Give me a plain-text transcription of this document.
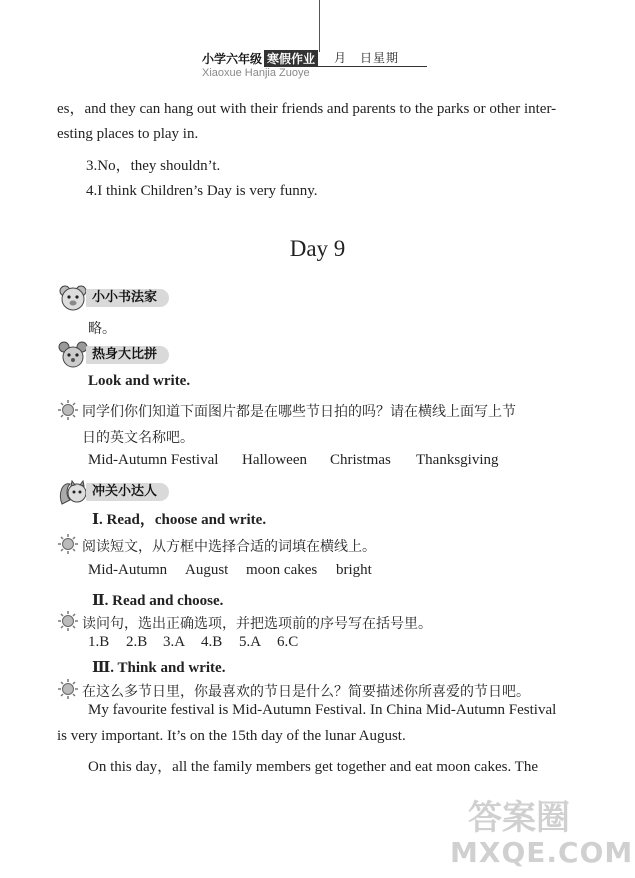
小学六年级 寒假作业	月　日星期
Xiaoxue Hanjia Zuoye
es，and they can hang out with their friends and parents to the parks or other inter-
esting places to play in.
3.No，they shouldn’t.
4.I think Children’s Day is very funny.
Day 9
小小书法家
略。
热身大比拼
Look and write.
同学们你们知道下面图片都是在哪些节日拍的吗？请在横线上面写上节
日的英文名称吧。
Mid-Autumn Festival Halloween Christmas Thanksgiving
冲关小达人
Ⅰ. Read，choose and write.
阅读短文，从方框中选择合适的词填在横线上。
Mid-Autumn August moon cakes bright
Ⅱ. Read and choose.
读问句，选出正确选项，并把选项前的序号写在括号里。
1.B 2.B 3.A 4.B 5.A 6.C
Ⅲ. Think and write.
在这么多节日里，你最喜欢的节日是什么？简要描述你所喜爱的节日吧。
My favourite festival is Mid-Autumn Festival. In China Mid-Autumn Festival
is very important. It’s on the 15th day of the lunar August.
On this day，all the family members get together and eat moon cakes. The
答案圈
MXQE.COM
